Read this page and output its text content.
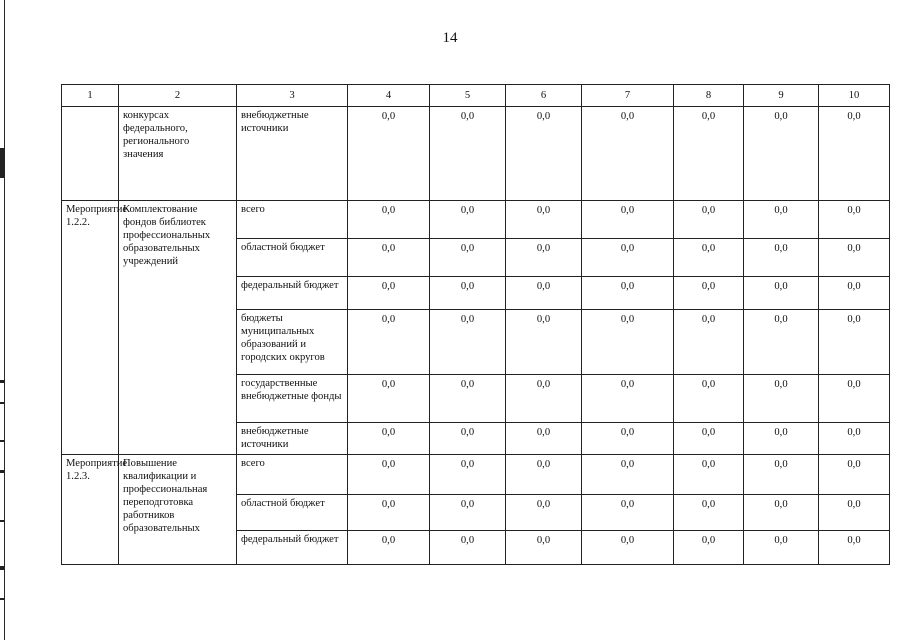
14
1	2	3	4	5	6	7	8	9	10
	конкурсах федерального, регионального значения	внебюджетные источники	0,0	0,0	0,0	0,0	0,0	0,0	0,0
Мероприятие 1.2.2.	Комплектование фондов библиотек профессиональных образовательных учреждений	всего	0,0	0,0	0,0	0,0	0,0	0,0	0,0
		областной бюджет	0,0	0,0	0,0	0,0	0,0	0,0	0,0
		федеральный бюджет	0,0	0,0	0,0	0,0	0,0	0,0	0,0
		бюджеты муниципальных образований и городских округов	0,0	0,0	0,0	0,0	0,0	0,0	0,0
		государственные внебюджетные фонды	0,0	0,0	0,0	0,0	0,0	0,0	0,0
		внебюджетные источники	0,0	0,0	0,0	0,0	0,0	0,0	0,0
Мероприятие 1.2.3.	Повышение квалификации и профессиональная переподготовка работников образовательных	всего	0,0	0,0	0,0	0,0	0,0	0,0	0,0
		областной бюджет	0,0	0,0	0,0	0,0	0,0	0,0	0,0
		федеральный бюджет	0,0	0,0	0,0	0,0	0,0	0,0	0,0
